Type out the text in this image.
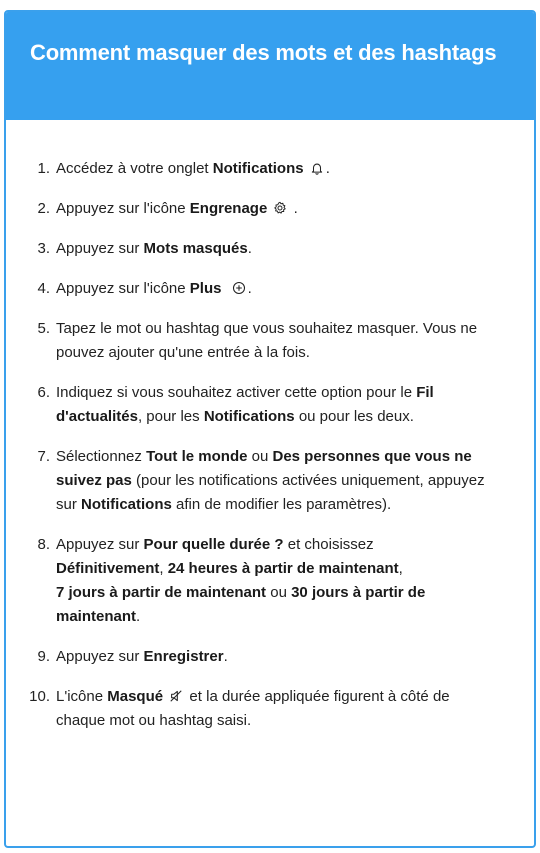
Comment masquer des mots et des hashtags
1. Accédez à votre onglet Notifications .
2. Appuyez sur l'icône Engrenage
.
3. Appuyez sur Mots masqués.
4. Appuyez sur l'icône Plus .
5. Tapez le mot ou hashtag que vous souhaitez masquer. Vous ne pouvez ajouter qu'une entrée à la fois.
6. Indiquez si vous souhaitez activer cette option pour le Fil d'actualités, pour les Notifications ou pour les deux.
7. Sélectionnez Tout le monde ou Des personnes que vous ne suivez pas (pour les notifications activées uniquement, appuyez sur Notifications afin de modifier les paramètres).
8. Appuyez sur Pour quelle durée ? et choisissez
Définitivement, 24 heures à partir de maintenant,
7 jours à partir de maintenant ou 30 jours à partir de maintenant.
9. Appuyez sur Enregistrer.
10. L'icône Masqué
et la durée appliquée figurent à côté de chaque mot ou hashtag saisi.
